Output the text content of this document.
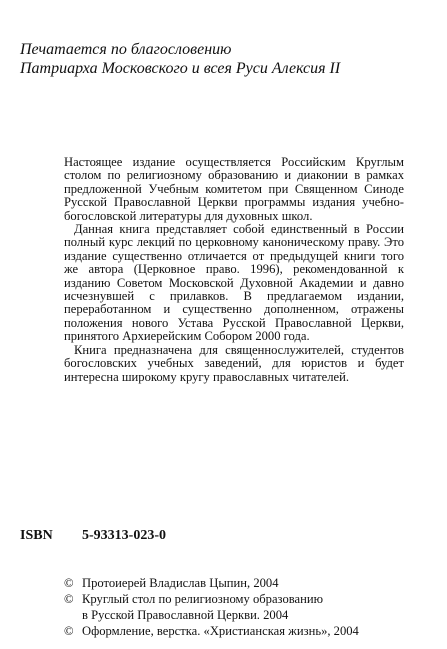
Печатается по благословению

Патриарха Московского и всея Руси Алексия II

Настоящее издание осуществляется Российским Круглым столом по религиозному образованию и диаконии в рамках предложенной Учебным комитетом при Священном Синоде Русской Православной Церкви программы издания учебно-богословской литературы для духовных школ.

Данная книга представляет собой единственный в России полный курс лекций по церковному каноническому праву. Это издание существенно отличается от предыдущей книги того же автора (Церковное право. 1996), рекомендованной к изданию Советом Московской Духовной Академии и давно исчезнувшей с прилавков. В предлагаемом издании, переработанном и существенно дополненном, отражены положения нового Устава Русской Православной Церкви, принятого Архиерейским Собором 2000 года.

Книга предназначена для священнослужителей, студентов богословских учебных заведений, для юристов и будет интересна широкому кругу православных читателей.

ISBN 5-93313-023-0

© Протоиерей Владислав Цыпин, 2004

© Круглый стол по религиозному образованию
в Русской Православной Церкви. 2004

© Оформление, верстка. «Христианская жизнь», 2004
